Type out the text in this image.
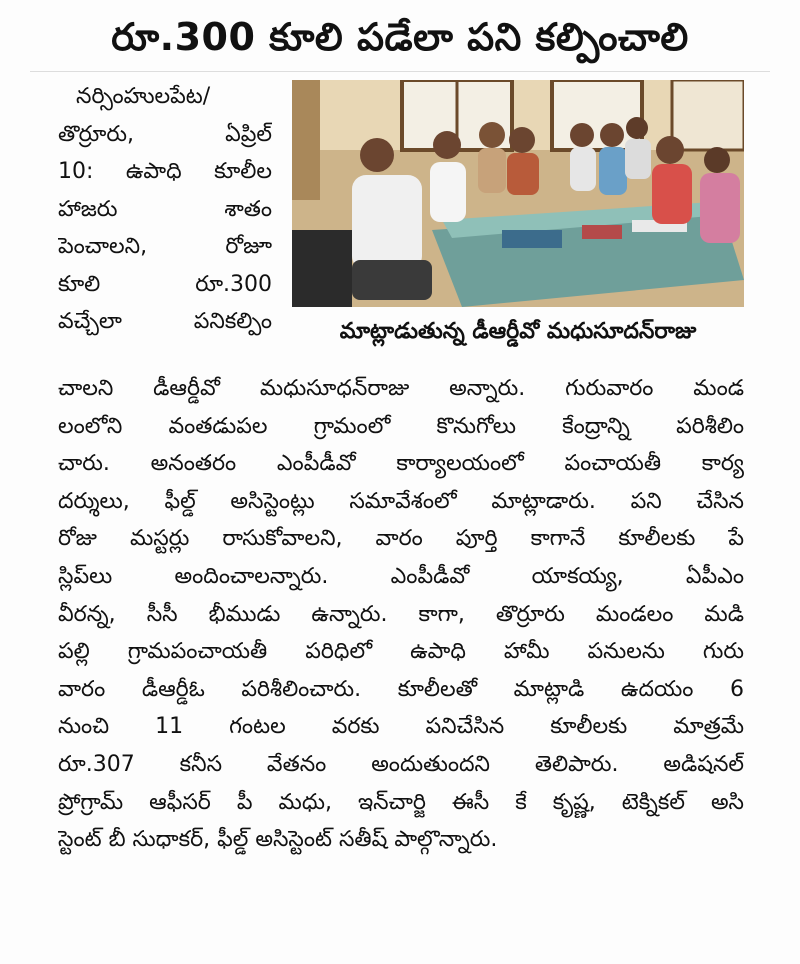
రూ.300 కూలి పడేలా పని కల్పించాలి

నర్సింహులపేట/

తొర్రూరు, ఏప్రిల్

10: ఉపాధి కూలీల

హాజరు శాతం

పెంచాలని, రోజూ

కూలి రూ.300

వచ్చేలా పనికల్పిం	మాట్లాడుతున్న డీఆర్డీవో మధుసూదన్‌రాజు

చాలని డీఆర్డీవో మధుసూధన్‌రాజు అన్నారు. గురువారం మండ

లంలోని వంతడుపల గ్రామంలో కొనుగోలు కేంద్రాన్ని పరిశీలిం

చారు. అనంతరం ఎంపీడీవో కార్యాలయంలో పంచాయతీ కార్య

దర్శులు, ఫీల్డ్ అసిస్టెంట్లు సమావేశంలో మాట్లాడారు. పని చేసిన

రోజు మస్టర్లు రాసుకోవాలని, వారం పూర్తి కాగానే కూలీలకు పే

స్లిప్‌లు అందించాలన్నారు. ఎంపీడీవో యాకయ్య, ఏపీఎం

వీరన్న, సీసీ భీముడు ఉన్నారు. కాగా, తొర్రూరు మండలం మడి

పల్లి గ్రామపంచాయతీ పరిధిలో ఉపాధి హామీ పనులను గురు

వారం డీఆర్డీఓ పరిశీలించారు. కూలీలతో మాట్లాడి ఉదయం 6

నుంచి 11 గంటల వరకు పనిచేసిన కూలీలకు మాత్రమే

రూ.307 కనీస వేతనం అందుతుందని తెలిపారు. అడిషనల్

ప్రోగ్రామ్ ఆఫీసర్ పీ మధు, ఇన్‌చార్జి ఈసీ కే కృష్ణ, టెక్నికల్ అసి

స్టెంట్ బీ సుధాకర్, ఫీల్డ్ అసిస్టెంట్ సతీష్ పాల్గొన్నారు.
